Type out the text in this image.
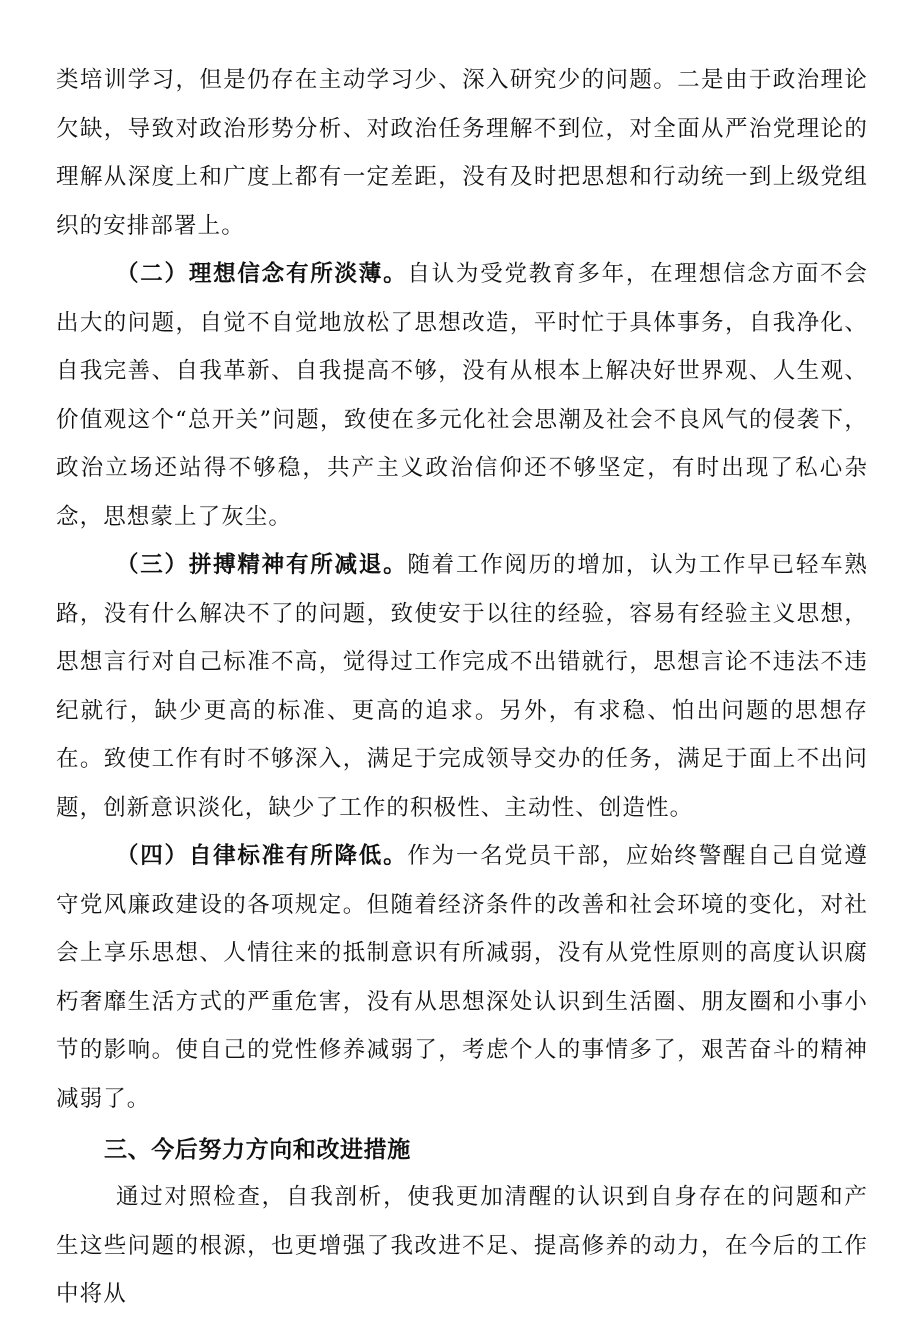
类培训学习，但是仍存在主动学习少、深入研究少的问题。二是由于政治理论欠缺，导致对政治形势分析、对政治任务理解不到位，对全面从严治党理论的理解从深度上和广度上都有一定差距，没有及时把思想和行动统一到上级党组织的安排部署上。

（二）理想信念有所淡薄。自认为受党教育多年，在理想信念方面不会出大的问题，自觉不自觉地放松了思想改造，平时忙于具体事务，自我净化、自我完善、自我革新、自我提高不够，没有从根本上解决好世界观、人生观、价值观这个“总开关”问题，致使在多元化社会思潮及社会不良风气的侵袭下，政治立场还站得不够稳，共产主义政治信仰还不够坚定，有时出现了私心杂念，思想蒙上了灰尘。

（三）拼搏精神有所减退。随着工作阅历的增加，认为工作早已轻车熟路，没有什么解决不了的问题，致使安于以往的经验，容易有经验主义思想，思想言行对自己标准不高，觉得过工作完成不出错就行，思想言论不违法不违纪就行，缺少更高的标准、更高的追求。另外，有求稳、怕出问题的思想存在。致使工作有时不够深入，满足于完成领导交办的任务，满足于面上不出问题，创新意识淡化，缺少了工作的积极性、主动性、创造性。

（四）自律标准有所降低。作为一名党员干部，应始终警醒自己自觉遵守党风廉政建设的各项规定。但随着经济条件的改善和社会环境的变化，对社会上享乐思想、人情往来的抵制意识有所减弱，没有从党性原则的高度认识腐朽奢靡生活方式的严重危害，没有从思想深处认识到生活圈、朋友圈和小事小节的影响。使自己的党性修养减弱了，考虑个人的事情多了，艰苦奋斗的精神减弱了。

三、今后努力方向和改进措施

通过对照检查，自我剖析，使我更加清醒的认识到自身存在的问题和产生这些问题的根源，也更增强了我改进不足、提高修养的动力，在今后的工作中将从
